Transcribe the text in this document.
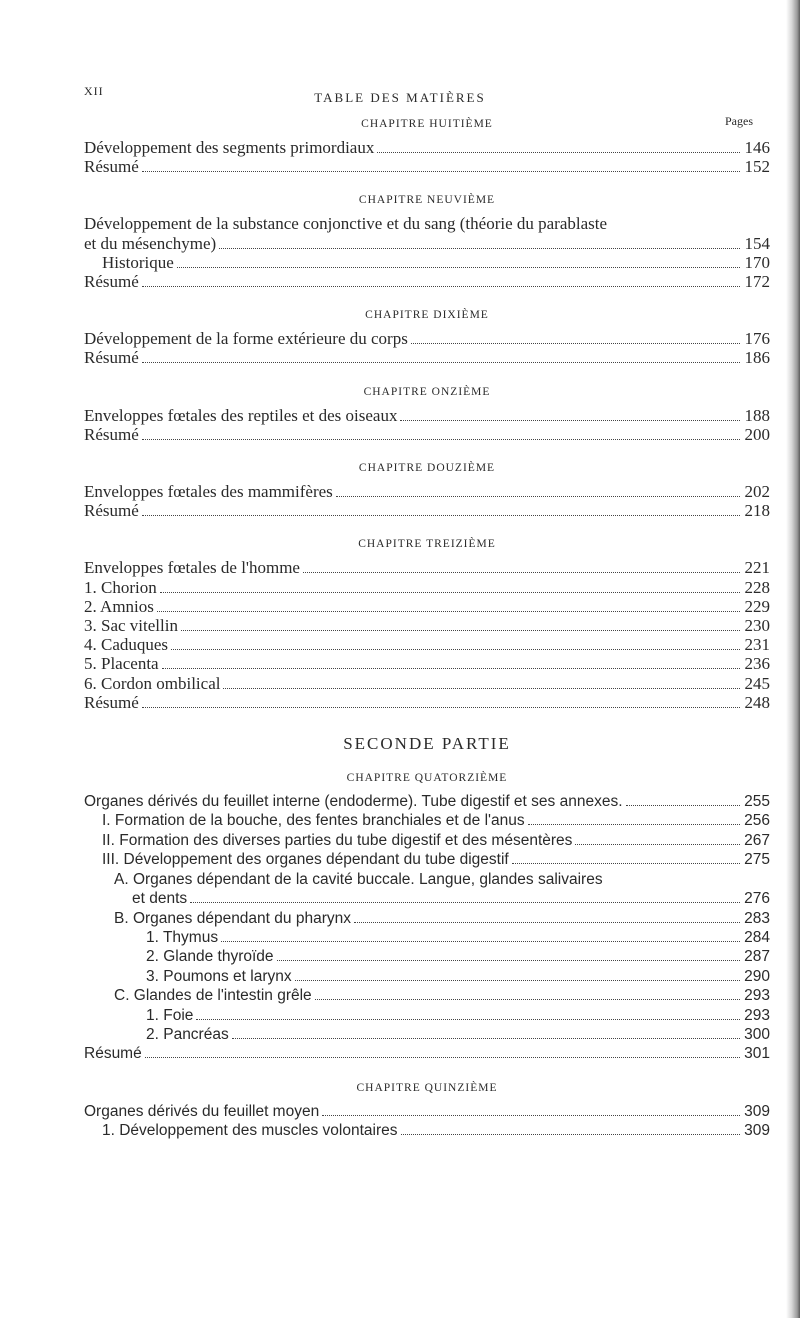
XII	TABLE DES MATIÈRES
Pages
CHAPITRE HUITIÈME
Développement des segments primordiaux	146
Résumé	152
CHAPITRE NEUVIÈME
Développement de la substance conjonctive et du sang (théorie du parablaste
et du mésenchyme)	154
Historique	170
Résumé	172
CHAPITRE DIXIÈME
Développement de la forme extérieure du corps	176
Résumé	186
CHAPITRE ONZIÈME
Enveloppes fœtales des reptiles et des oiseaux	188
Résumé	200
CHAPITRE DOUZIÈME
Enveloppes fœtales des mammifères	202
Résumé	218
CHAPITRE TREIZIÈME
Enveloppes fœtales de l'homme	221
1. Chorion	228
2. Amnios	229
3. Sac vitellin	230
4. Caduques	231
5. Placenta	236
6. Cordon ombilical	245
Résumé	248
SECONDE PARTIE
CHAPITRE QUATORZIÈME
Organes dérivés du feuillet interne (endoderme). Tube digestif et ses annexes.	255
I. Formation de la bouche, des fentes branchiales et de l'anus	256
II. Formation des diverses parties du tube digestif et des mésentères	267
III. Développement des organes dépendant du tube digestif	275
A. Organes dépendant de la cavité buccale. Langue, glandes salivaires
et dents	276
B. Organes dépendant du pharynx	283
1. Thymus	284
2. Glande thyroïde	287
3. Poumons et larynx	290
C. Glandes de l'intestin grêle	293
1. Foie	293
2. Pancréas	300
Résumé	301
CHAPITRE QUINZIÈME
Organes dérivés du feuillet moyen	309
1. Développement des muscles volontaires	309
